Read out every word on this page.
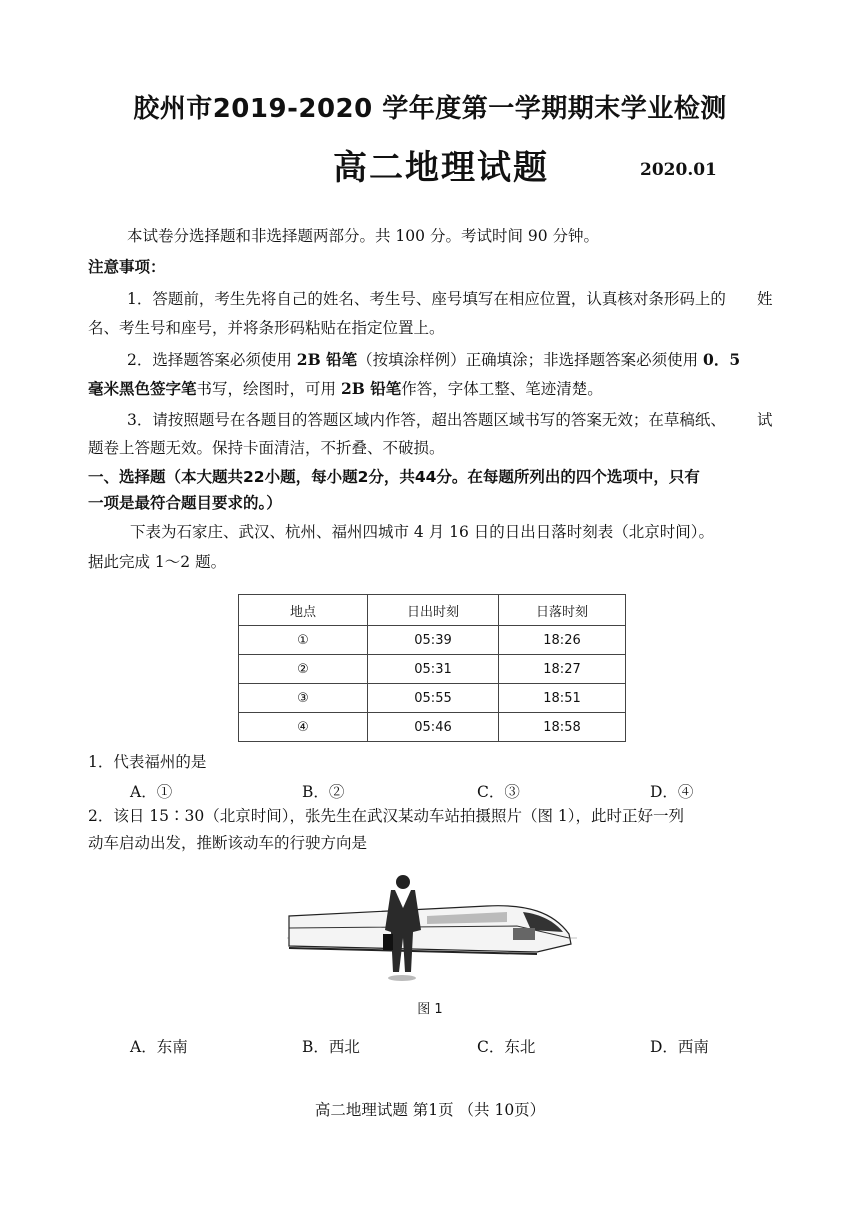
胶州市2019-2020 学年度第一学期期末学业检测
高二地理试题	2020.01
本试卷分选择题和非选择题两部分。共 100 分。考试时间 90 分钟。
注意事项：
1．答题前，考生先将自己的姓名、考生号、座号填写在相应位置，认真核对条形码上的 姓
名、考生号和座号，并将条形码粘贴在指定位置上。
2．选择题答案必须使用 2B 铅笔（按填涂样例）正确填涂；非选择题答案必须使用 0．5
毫米黑色签字笔书写，绘图时，可用 2B 铅笔作答，字体工整、笔迹清楚。
3．请按照题号在各题目的答题区域内作答，超出答题区域书写的答案无效；在草稿纸、 试
题卷上答题无效。保持卡面清洁，不折叠、不破损。
一、选择题（本大题共22小题，每小题2分，共44分。在每题所列出的四个选项中，只有
一项是最符合题目要求的。）
下表为石家庄、武汉、杭州、福州四城市 4 月 16 日的日出日落时刻表（北京时间）。
据此完成 1～2 题。
地点	日出时刻	日落时刻
①	05:39	18:26
②	05:31	18:27
③	05:55	18:51
④	05:46	18:58
1．代表福州的是
A．①	B．②	C．③	D．④
2．该日 15∶30（北京时间），张先生在武汉某动车站拍摄照片（图 1），此时正好一列
动车启动出发，推断该动车的行驶方向是
图 1
A．东南	B．西北	C．东北	D．西南
高二地理试题 第1页 （共 10页）
